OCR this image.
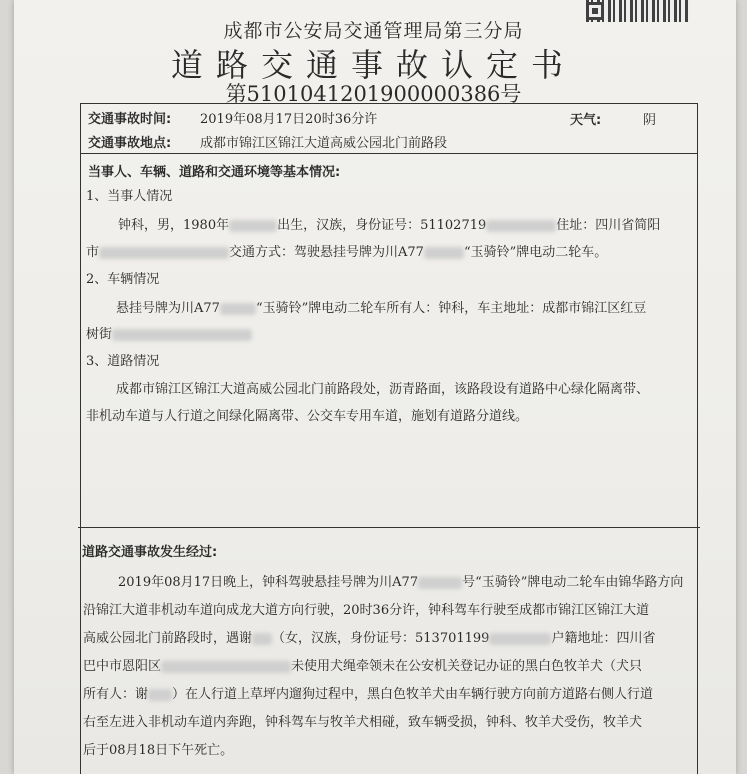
成都市公安局交通管理局第三分局
道路交通事故认定书
第5101041201900000386号
交通事故时间: 2019年08月17日20时36分许	天气:	阴
交通事故地点: 成都市锦江区锦江大道高威公园北门前路段
当事人、车辆、道路和交通环境等基本情况:
1、当事人情况
钟科，男，1980年	出生，汉族，身份证号：51102719	住址：四川省简阳
市	交通方式：驾驶悬挂号牌为川A77	“玉骑铃”牌电动二轮车。
2、车辆情况
悬挂号牌为川A77	“玉骑铃”牌电动二轮车所有人：钟科，车主地址：成都市锦江区红豆
树街
3、道路情况
成都市锦江区锦江大道高威公园北门前路段处，沥青路面，该路段设有道路中心绿化隔离带、
非机动车道与人行道之间绿化隔离带、公交车专用车道，施划有道路分道线。
道路交通事故发生经过:
2019年08月17日晚上，钟科驾驶悬挂号牌为川A77	号“玉骑铃”牌电动二轮车由锦华路方向
沿锦江大道非机动车道向成龙大道方向行驶，20时36分许，钟科驾车行驶至成都市锦江区锦江大道
高威公园北门前路段时，遇谢 （女，汉族，身份证号：513701199	户籍地址：四川省
巴中市恩阳区	未使用犬绳牵领未在公安机关登记办证的黑白色牧羊犬（犬只
所有人：谢 ）在人行道上草坪内遛狗过程中，黑白色牧羊犬由车辆行驶方向前方道路右侧人行道
右至左进入非机动车道内奔跑，钟科驾车与牧羊犬相碰，致车辆受损，钟科、牧羊犬受伤，牧羊犬
后于08月18日下午死亡。
